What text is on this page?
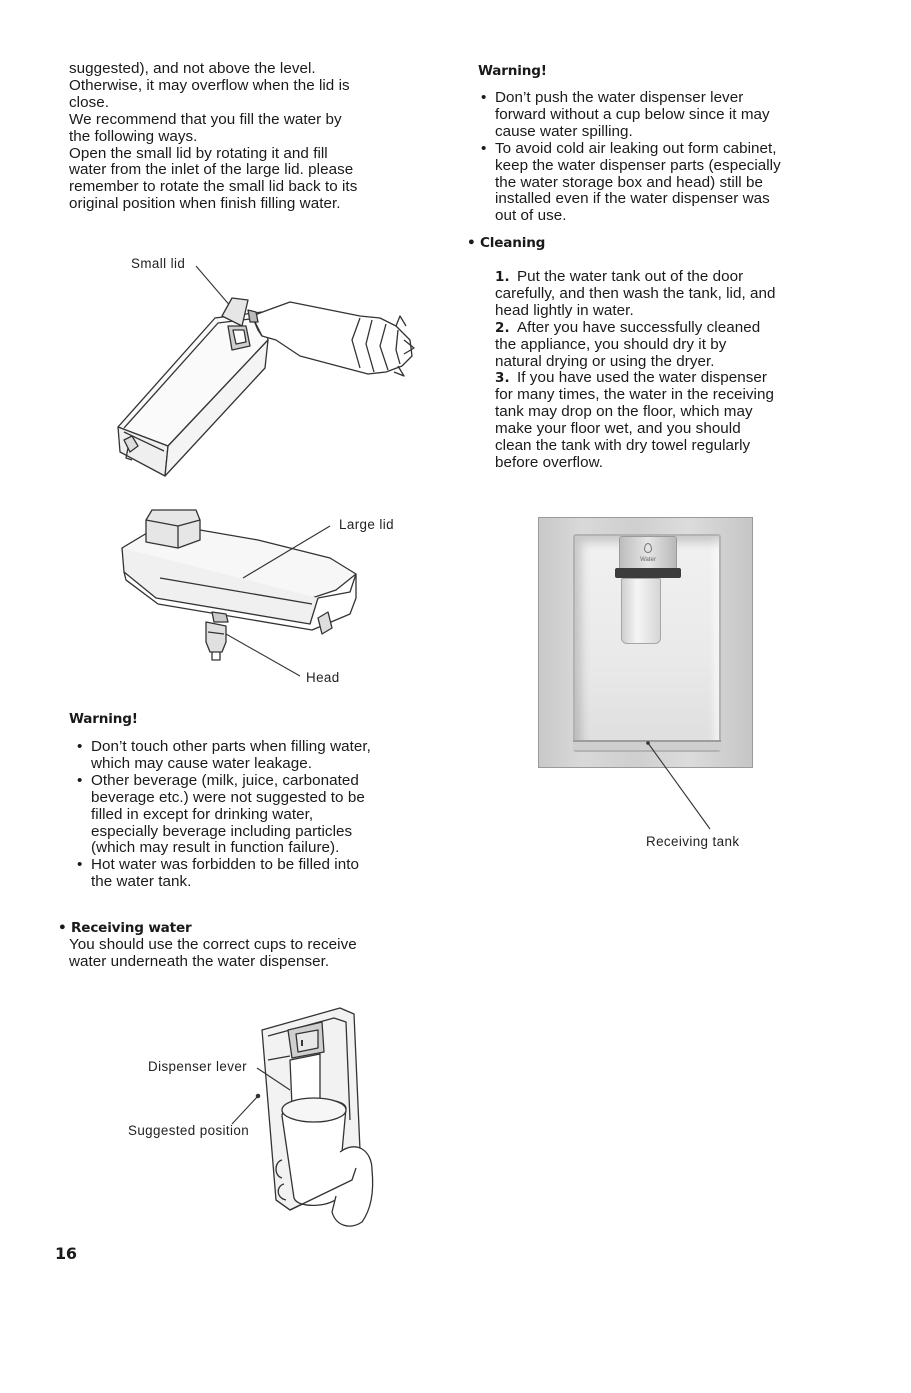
suggested), and not above the level.
Otherwise, it may overflow when the lid is
close.
We recommend that you fill the water by
the following ways.
Open the small lid by rotating it and fill
water from the inlet of the large lid. please
remember to rotate the small lid back to its
original position when finish filling water.
Small lid
Large lid
Head
Warning!
• Don’t touch other parts when filling water,
which may cause water leakage.
• Other beverage (milk, juice, carbonated
beverage etc.) were not suggested to be
filled in except for drinking water,
especially beverage including particles
(which may result in function failure).
• Hot water was forbidden to be filled into
the water tank.
• Receiving water
You should use the correct cups to receive
water underneath the water dispenser.
Dispenser lever
Suggested position
16
Warning!
• Don’t push the water dispenser lever
forward without a cup below since it may
cause water spilling.
• To avoid cold air leaking out form cabinet,
keep the water dispenser parts (especially
the water storage box and head) still be
installed even if the water dispenser was
out of use.
• Cleaning
1. Put the water tank out of the door
carefully, and then wash the tank, lid, and
head lightly in water.
2. After you have successfully cleaned
the appliance, you should dry it by
natural drying or using the dryer.
3. If you have used the water dispenser
for many times, the water in the receiving
tank may drop on the floor, which may
make your floor wet, and you should
clean the tank with dry towel regularly
before overflow.
Water
Receiving tank
